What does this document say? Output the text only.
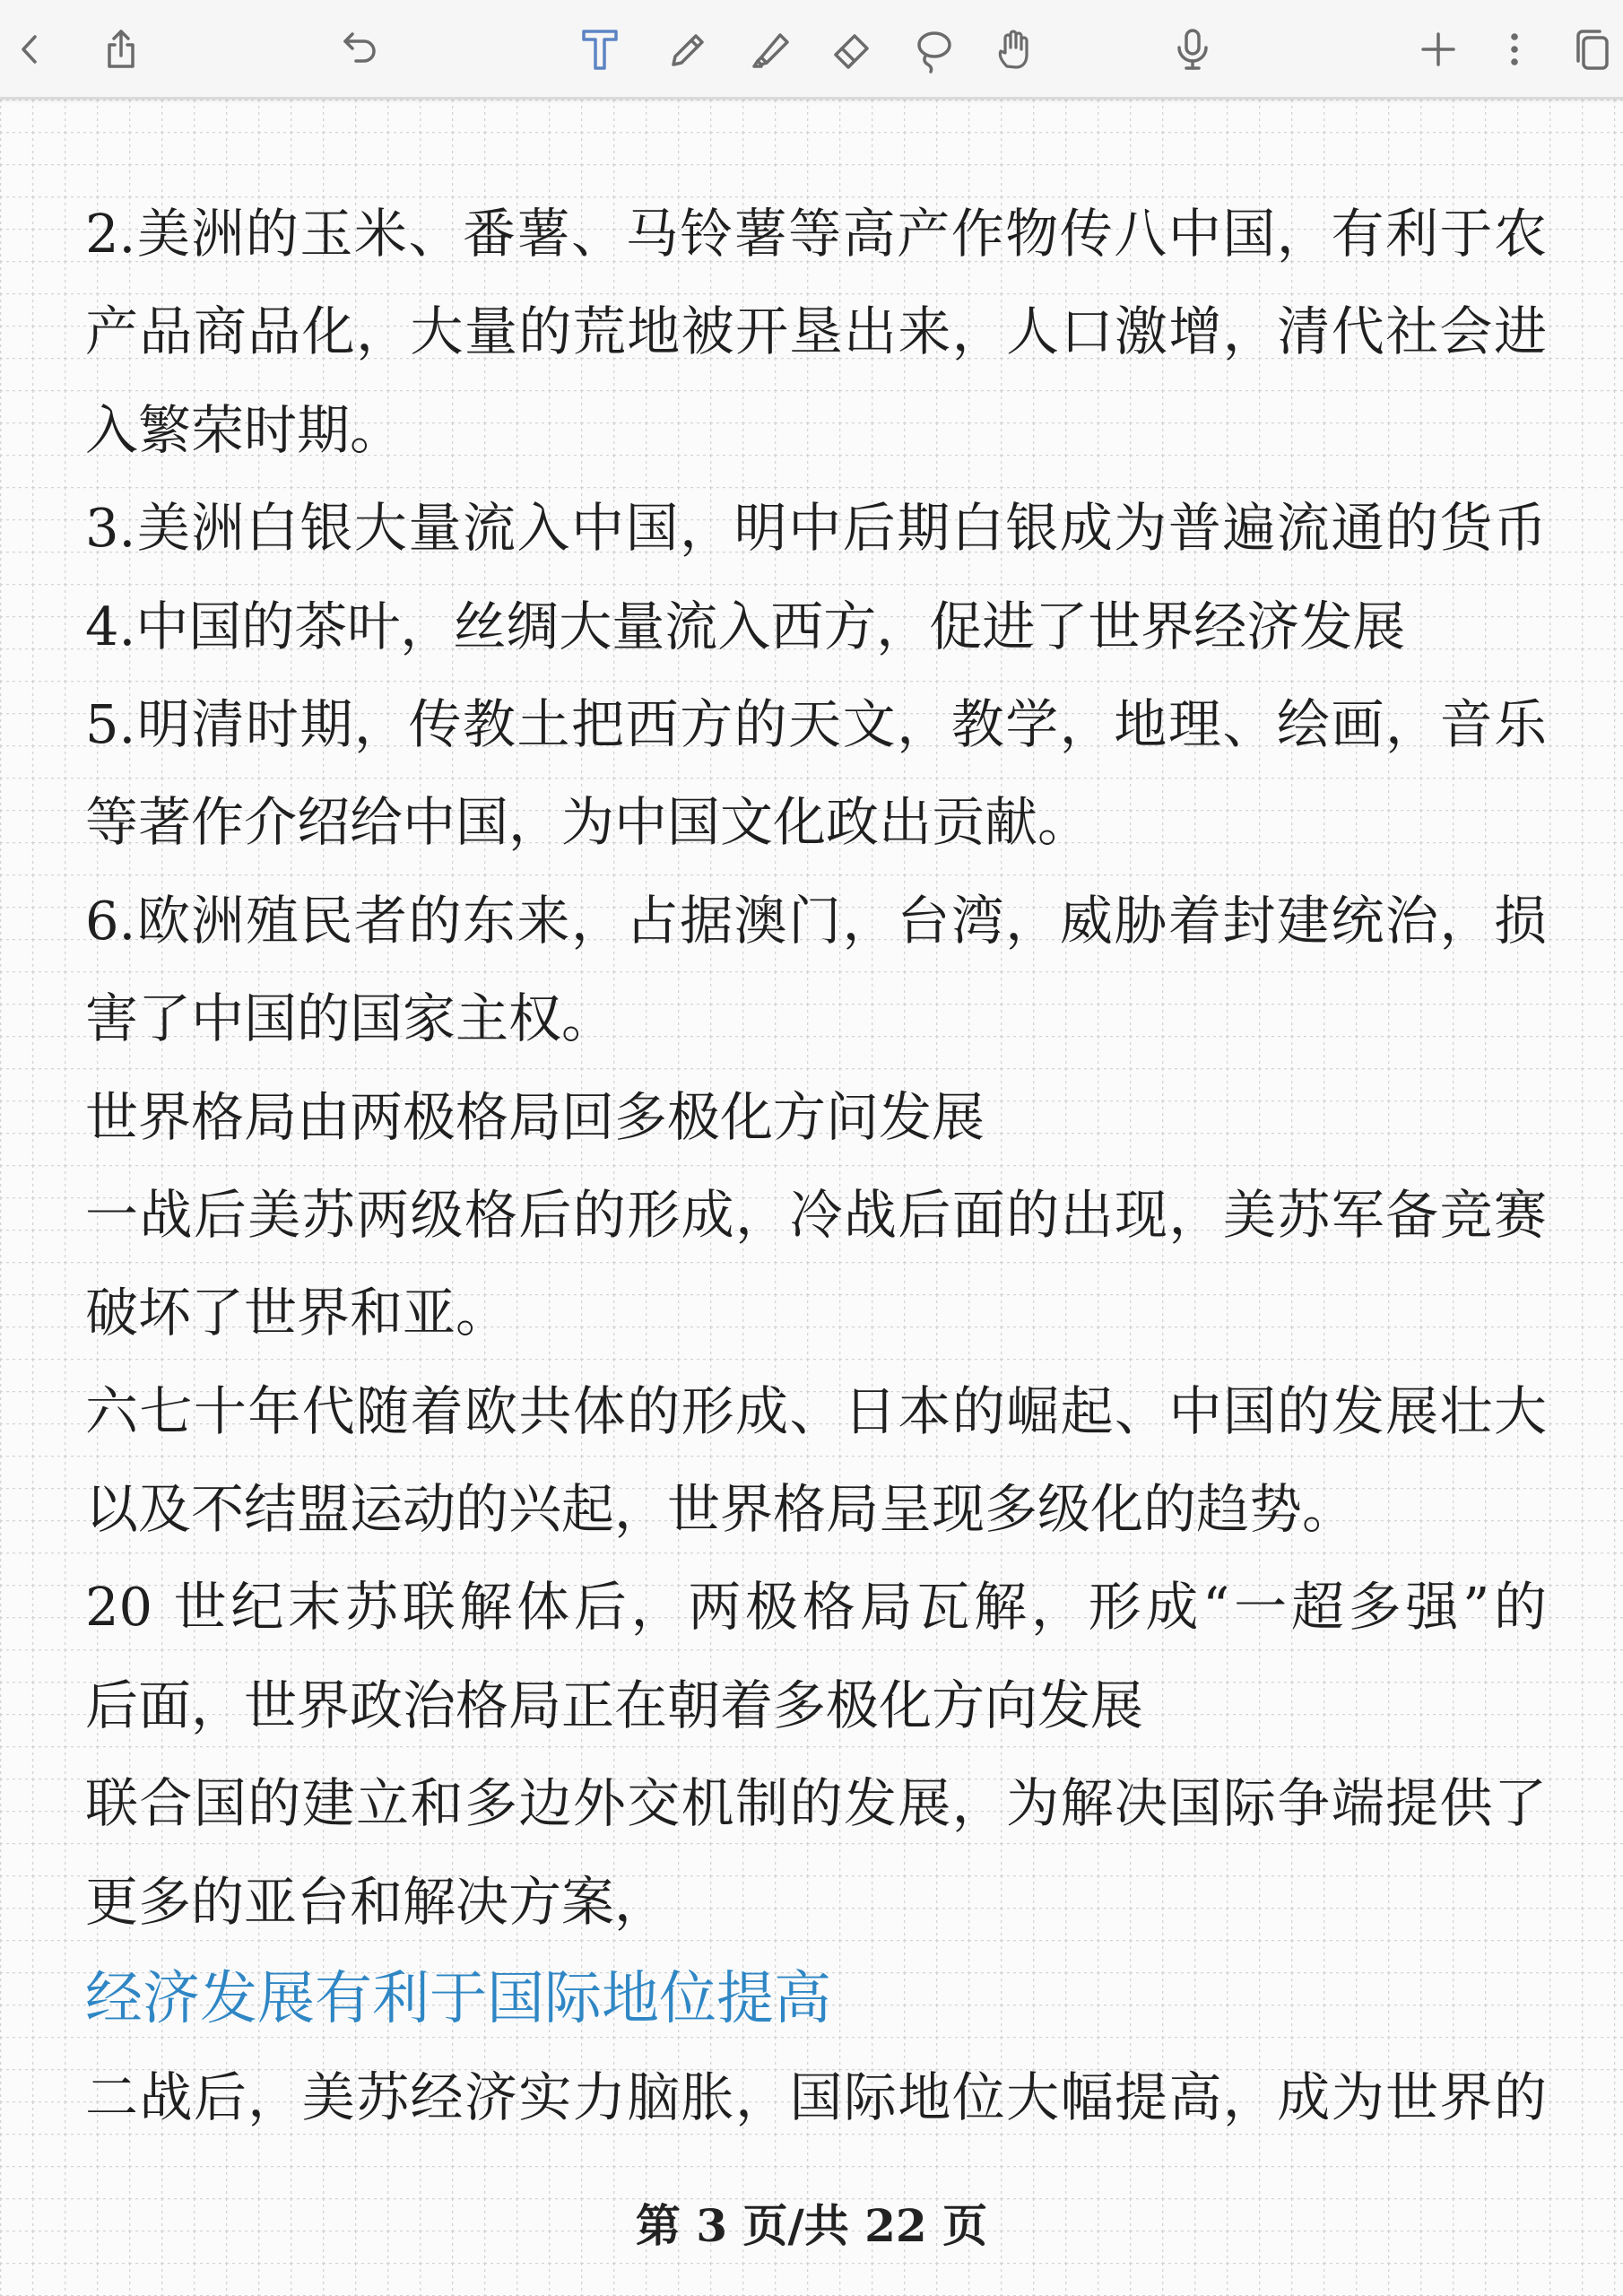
2.美洲的玉米、番薯、马铃薯等高产作物传八中国，有利于农
产品商品化，大量的荒地被开垦出来，人口激增，清代社会进
入繁荣时期。
3.美洲白银大量流入中国，明中后期白银成为普遍流通的货币
4.中国的茶叶，丝绸大量流入西方，促进了世界经济发展
5.明清时期，传教土把西方的天文，教学，地理、绘画，音乐
等著作介绍给中国，为中国文化政出贡献。
6.欧洲殖民者的东来，占据澳门，台湾，威胁着封建统治，损
害了中国的国家主权。
世界格局由两极格局回多极化方问发展
一战后美苏两级格后的形成，冷战后面的出现，美苏军备竞赛
破坏了世界和亚。
六七十年代随着欧共体的形成、日本的崛起、中国的发展壮大
以及不结盟运动的兴起，世界格局呈现多级化的趋势。
20 世纪末苏联解体后，两极格局瓦解，形成“一超多强”的
后面，世界政治格局正在朝着多极化方向发展
联合国的建立和多边外交机制的发展，为解决国际争端提供了
更多的亚台和解决方案，
经济发展有利于国际地位提高
二战后，美苏经济实力脑胀，国际地位大幅提高，成为世界的
第 3 页/共 22 页
